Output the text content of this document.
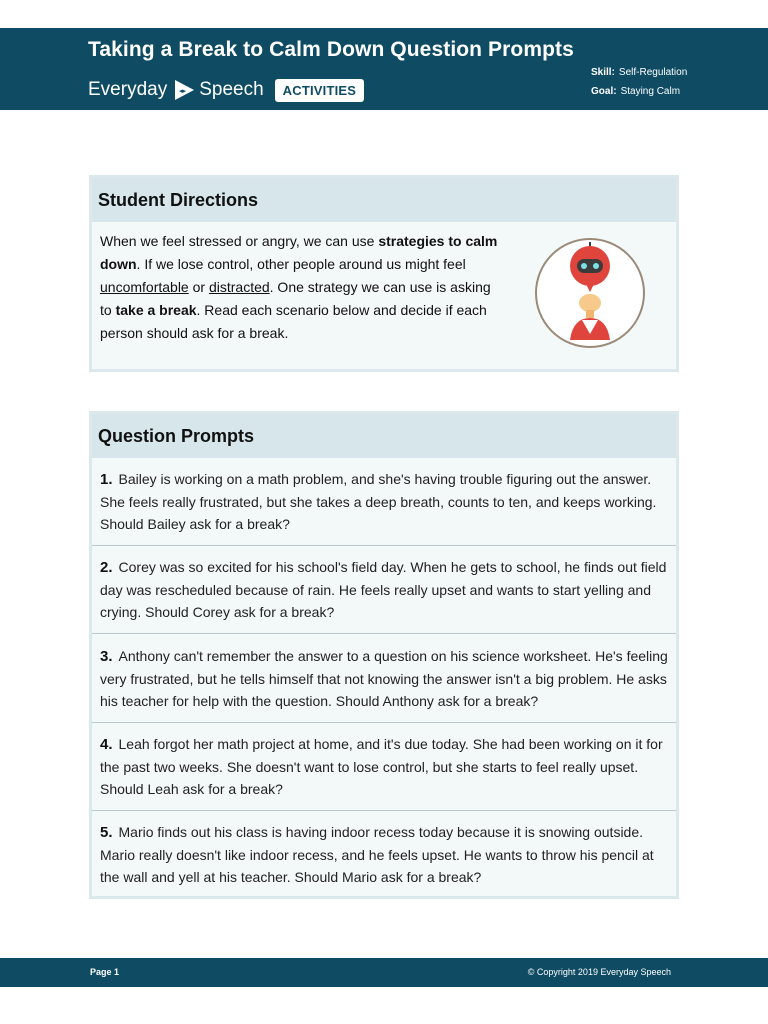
Taking a Break to Calm Down Question Prompts
Everyday ◂▸ Speech	ACTIVITIES
Skill: Self-Regulation
Goal: Staying Calm
Student Directions
When we feel stressed or angry, we can use strategies to calm down. If we lose control, other people around us might feel uncomfortable or distracted. One strategy we can use is asking to take a break. Read each scenario below and decide if each person should ask for a break.
Question Prompts
1. Bailey is working on a math problem, and she's having trouble figuring out the answer. She feels really frustrated, but she takes a deep breath, counts to ten, and keeps working. Should Bailey ask for a break?
2. Corey was so excited for his school's field day. When he gets to school, he finds out field day was rescheduled because of rain. He feels really upset and wants to start yelling and crying. Should Corey ask for a break?
3. Anthony can't remember the answer to a question on his science worksheet. He's feeling very frustrated, but he tells himself that not knowing the answer isn't a big problem. He asks his teacher for help with the question. Should Anthony ask for a break?
4. Leah forgot her math project at home, and it's due today. She had been working on it for the past two weeks. She doesn't want to lose control, but she starts to feel really upset. Should Leah ask for a break?
5. Mario finds out his class is having indoor recess today because it is snowing outside. Mario really doesn't like indoor recess, and he feels upset. He wants to throw his pencil at the wall and yell at his teacher. Should Mario ask for a break?
Page 1	© Copyright 2019 Everyday Speech
